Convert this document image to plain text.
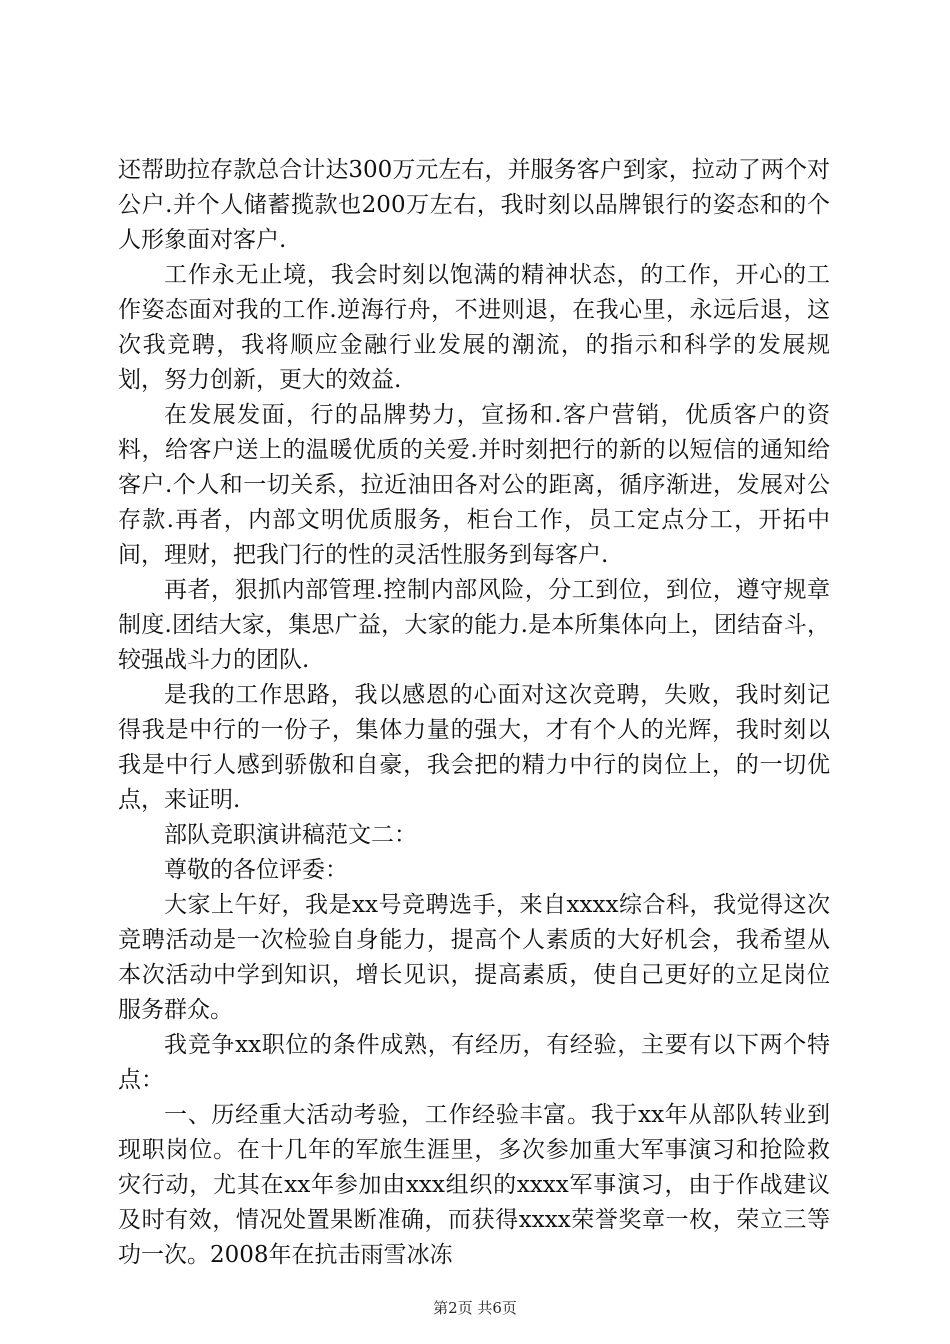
还帮助拉存款总合计达300万元左右，并服务客户到家，拉动了两个对公户.并个人储蓄揽款也200万左右，我时刻以品牌银行的姿态和的个人形象面对客户.

工作永无止境，我会时刻以饱满的精神状态，的工作，开心的工作姿态面对我的工作.逆海行舟，不进则退，在我心里，永远后退，这次我竞聘，我将顺应金融行业发展的潮流，的指示和科学的发展规划，努力创新，更大的效益.

在发展发面，行的品牌势力，宣扬和.客户营销，优质客户的资料，给客户送上的温暖优质的关爱.并时刻把行的新的以短信的通知给客户.个人和一切关系，拉近油田各对公的距离，循序渐进，发展对公存款.再者，内部文明优质服务，柜台工作，员工定点分工，开拓中间，理财，把我门行的性的灵活性服务到每客户.

再者，狠抓内部管理.控制内部风险，分工到位，到位，遵守规章制度.团结大家，集思广益，大家的能力.是本所集体向上，团结奋斗，较强战斗力的团队.

是我的工作思路，我以感恩的心面对这次竞聘，失败，我时刻记得我是中行的一份子，集体力量的强大，才有个人的光辉，我时刻以我是中行人感到骄傲和自豪，我会把的精力中行的岗位上，的一切优点，来证明.

部队竞职演讲稿范文二：

尊敬的各位评委：

大家上午好，我是xx号竞聘选手，来自xxxx综合科，我觉得这次竞聘活动是一次检验自身能力，提高个人素质的大好机会，我希望从本次活动中学到知识，增长见识，提高素质，使自己更好的立足岗位服务群众。

我竞争xx职位的条件成熟，有经历，有经验，主要有以下两个特点：

一、历经重大活动考验，工作经验丰富。我于xx年从部队转业到现职岗位。在十几年的军旅生涯里，多次参加重大军事演习和抢险救灾行动，尤其在xx年参加由xxx组织的xxxx军事演习，由于作战建议及时有效，情况处置果断准确，而获得xxxx荣誉奖章一枚，荣立三等功一次。2008年在抗击雨雪冰冻

第2页 共6页
